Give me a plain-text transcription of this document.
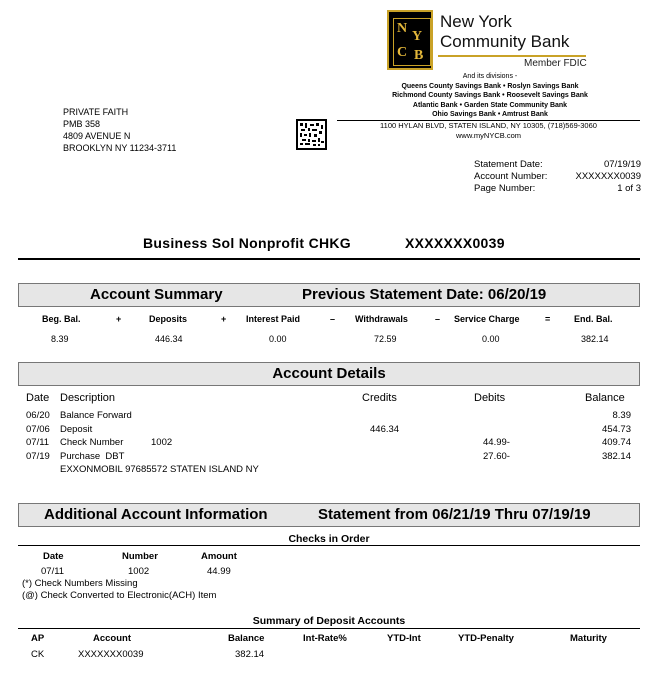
N
Y
C B
New York
Community Bank
Member FDIC
And its divisions -
Queens County Savings Bank • Roslyn Savings Bank
Richmond County Savings Bank • Roosevelt Savings Bank
Atlantic Bank • Garden State Community Bank
Ohio Savings Bank • Amtrust Bank
PRIVATE FAITH
PMB 358
4809 AVENUE N
BROOKLYN NY 11234-3711
1100 HYLAN BLVD, STATEN ISLAND, NY 10305, (718)569-3060
www.myNYCB.com
Statement Date:	07/19/19
Account Number:	XXXXXXX0039
Page Number:	1 of 3
Business Sol Nonprofit CHKG	XXXXXXX0039
Account Summary	Previous Statement Date: 06/20/19
Beg. Bal.	+	Deposits	+ Interest Paid	– Withdrawals	– Service Charge	=	End. Bal.
8.39	446.34	0.00	72.59	0.00	382.14
Account Details
Date Description	Credits	Debits	Balance
06/20 Balance Forward	8.39
07/06 Deposit	446.34	454.73
07/11 Check Number	1002	44.99-	409.74
07/19 Purchase  DBT	27.60-	382.14
EXXONMOBIL 97685572 STATEN ISLAND NY
Additional Account Information	Statement from 06/21/19 Thru 07/19/19
Checks in Order
Date	Number	Amount
07/11	1002	44.99
(*) Check Numbers Missing
(@) Check Converted to Electronic(ACH) Item
Summary of Deposit Accounts
AP	Account	Balance	Int-Rate%	YTD-Int	YTD-Penalty	Maturity
CK	XXXXXXX0039	382.14
